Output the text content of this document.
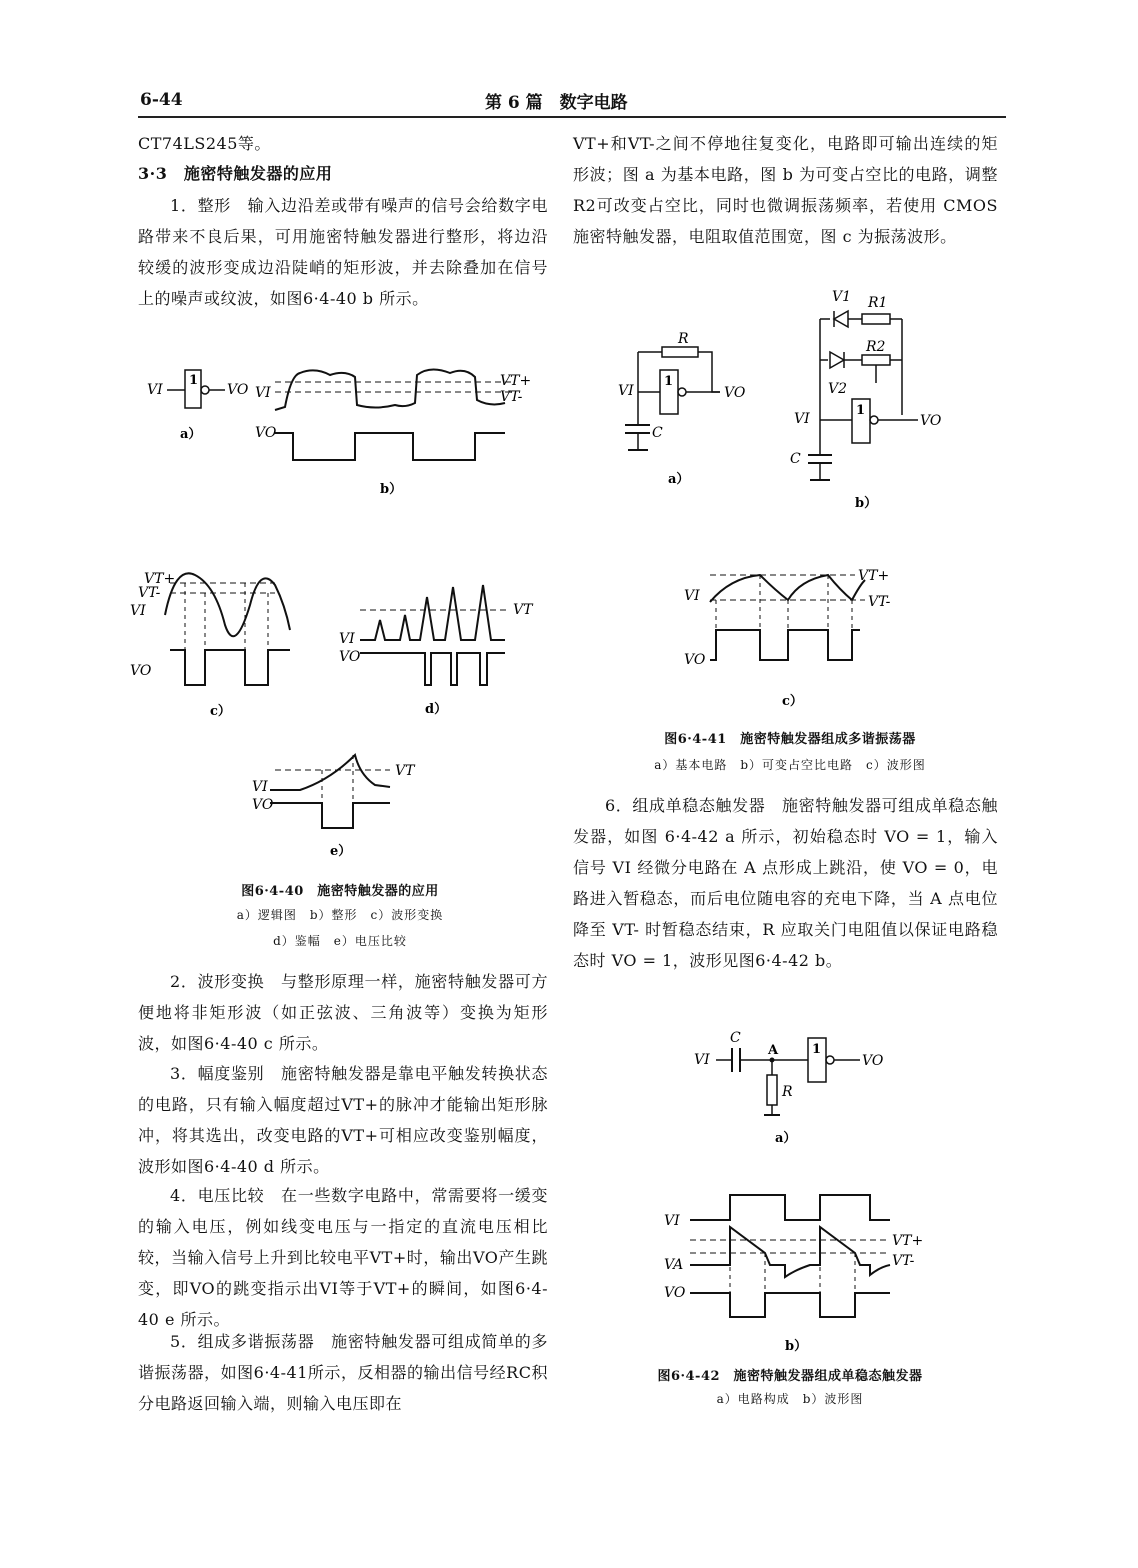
6-44	第 6 篇　数字电路
CT74LS245等。
3·3　施密特触发器的应用
1．整形　输入边沿差或带有噪声的信号会给数字电路带来不良后果，可用施密特触发器进行整形，将边沿较缓的波形变成边沿陡峭的矩形波，并去除叠加在信号上的噪声或纹波，如图6·4-40 b 所示。
VI
1
VO
a）
VI
VT+
VT-
VO
b）
VT+
VT-
VI
VO
c）
VT
VI
VO
d）
VT
VI
VO
e）
图6·4-40　施密特触发器的应用
a）逻辑图　b）整形　c）波形变换
d）鉴幅　e）电压比较
2．波形变换　与整形原理一样，施密特触发器可方便地将非矩形波（如正弦波、三角波等）变换为矩形波，如图6·4-40 c 所示。
3．幅度鉴别　施密特触发器是靠电平触发转换状态的电路，只有输入幅度超过VT+的脉冲才能输出矩形脉冲，将其选出，改变电路的VT+可相应改变鉴别幅度，波形如图6·4-40 d 所示。
4．电压比较　在一些数字电路中，常需要将一缓变的输入电压，例如线变电压与一指定的直流电压相比较，当输入信号上升到比较电平VT+时，输出VO产生跳变，即VO的跳变指示出VI等于VT+的瞬间，如图6·4-40 e 所示。
5．组成多谐振荡器　施密特触发器可组成简单的多谐振荡器，如图6·4-41所示，反相器的输出信号经RC积分电路返回输入端，则输入电压即在
VT+和VT-之间不停地往复变化，电路即可输出连续的矩形波；图 a 为基本电路，图 b 为可变占空比的电路，调整R2可改变占空比，同时也微调振荡频率，若使用 CMOS 施密特触发器，电阻取值范围宽，图 c 为振荡波形。
R
VI
1
VO
C
a）
V1 R1
R2
V2
VI
1
VO
C
b）
VT+
VT-
VI
VO
c）
图6·4-41　施密特触发器组成多谐振荡器
a）基本电路　b）可变占空比电路　c）波形图
6．组成单稳态触发器　施密特触发器可组成单稳态触发器，如图 6·4-42 a 所示，初始稳态时 VO = 1，输入信号 VI 经微分电路在 A 点形成上跳沿，使 VO = 0，电路进入暂稳态，而后电位随电容的充电下降，当 A 点电位降至 VT- 时暂稳态结束，R 应取关门电阻值以保证电路稳态时 VO = 1，波形见图6·4-42 b。
C
VI
A
R
1
VO
a）
VI
VT+
VT-
VA
VO
b）
图6·4-42　施密特触发器组成单稳态触发器
a）电路构成　b）波形图
